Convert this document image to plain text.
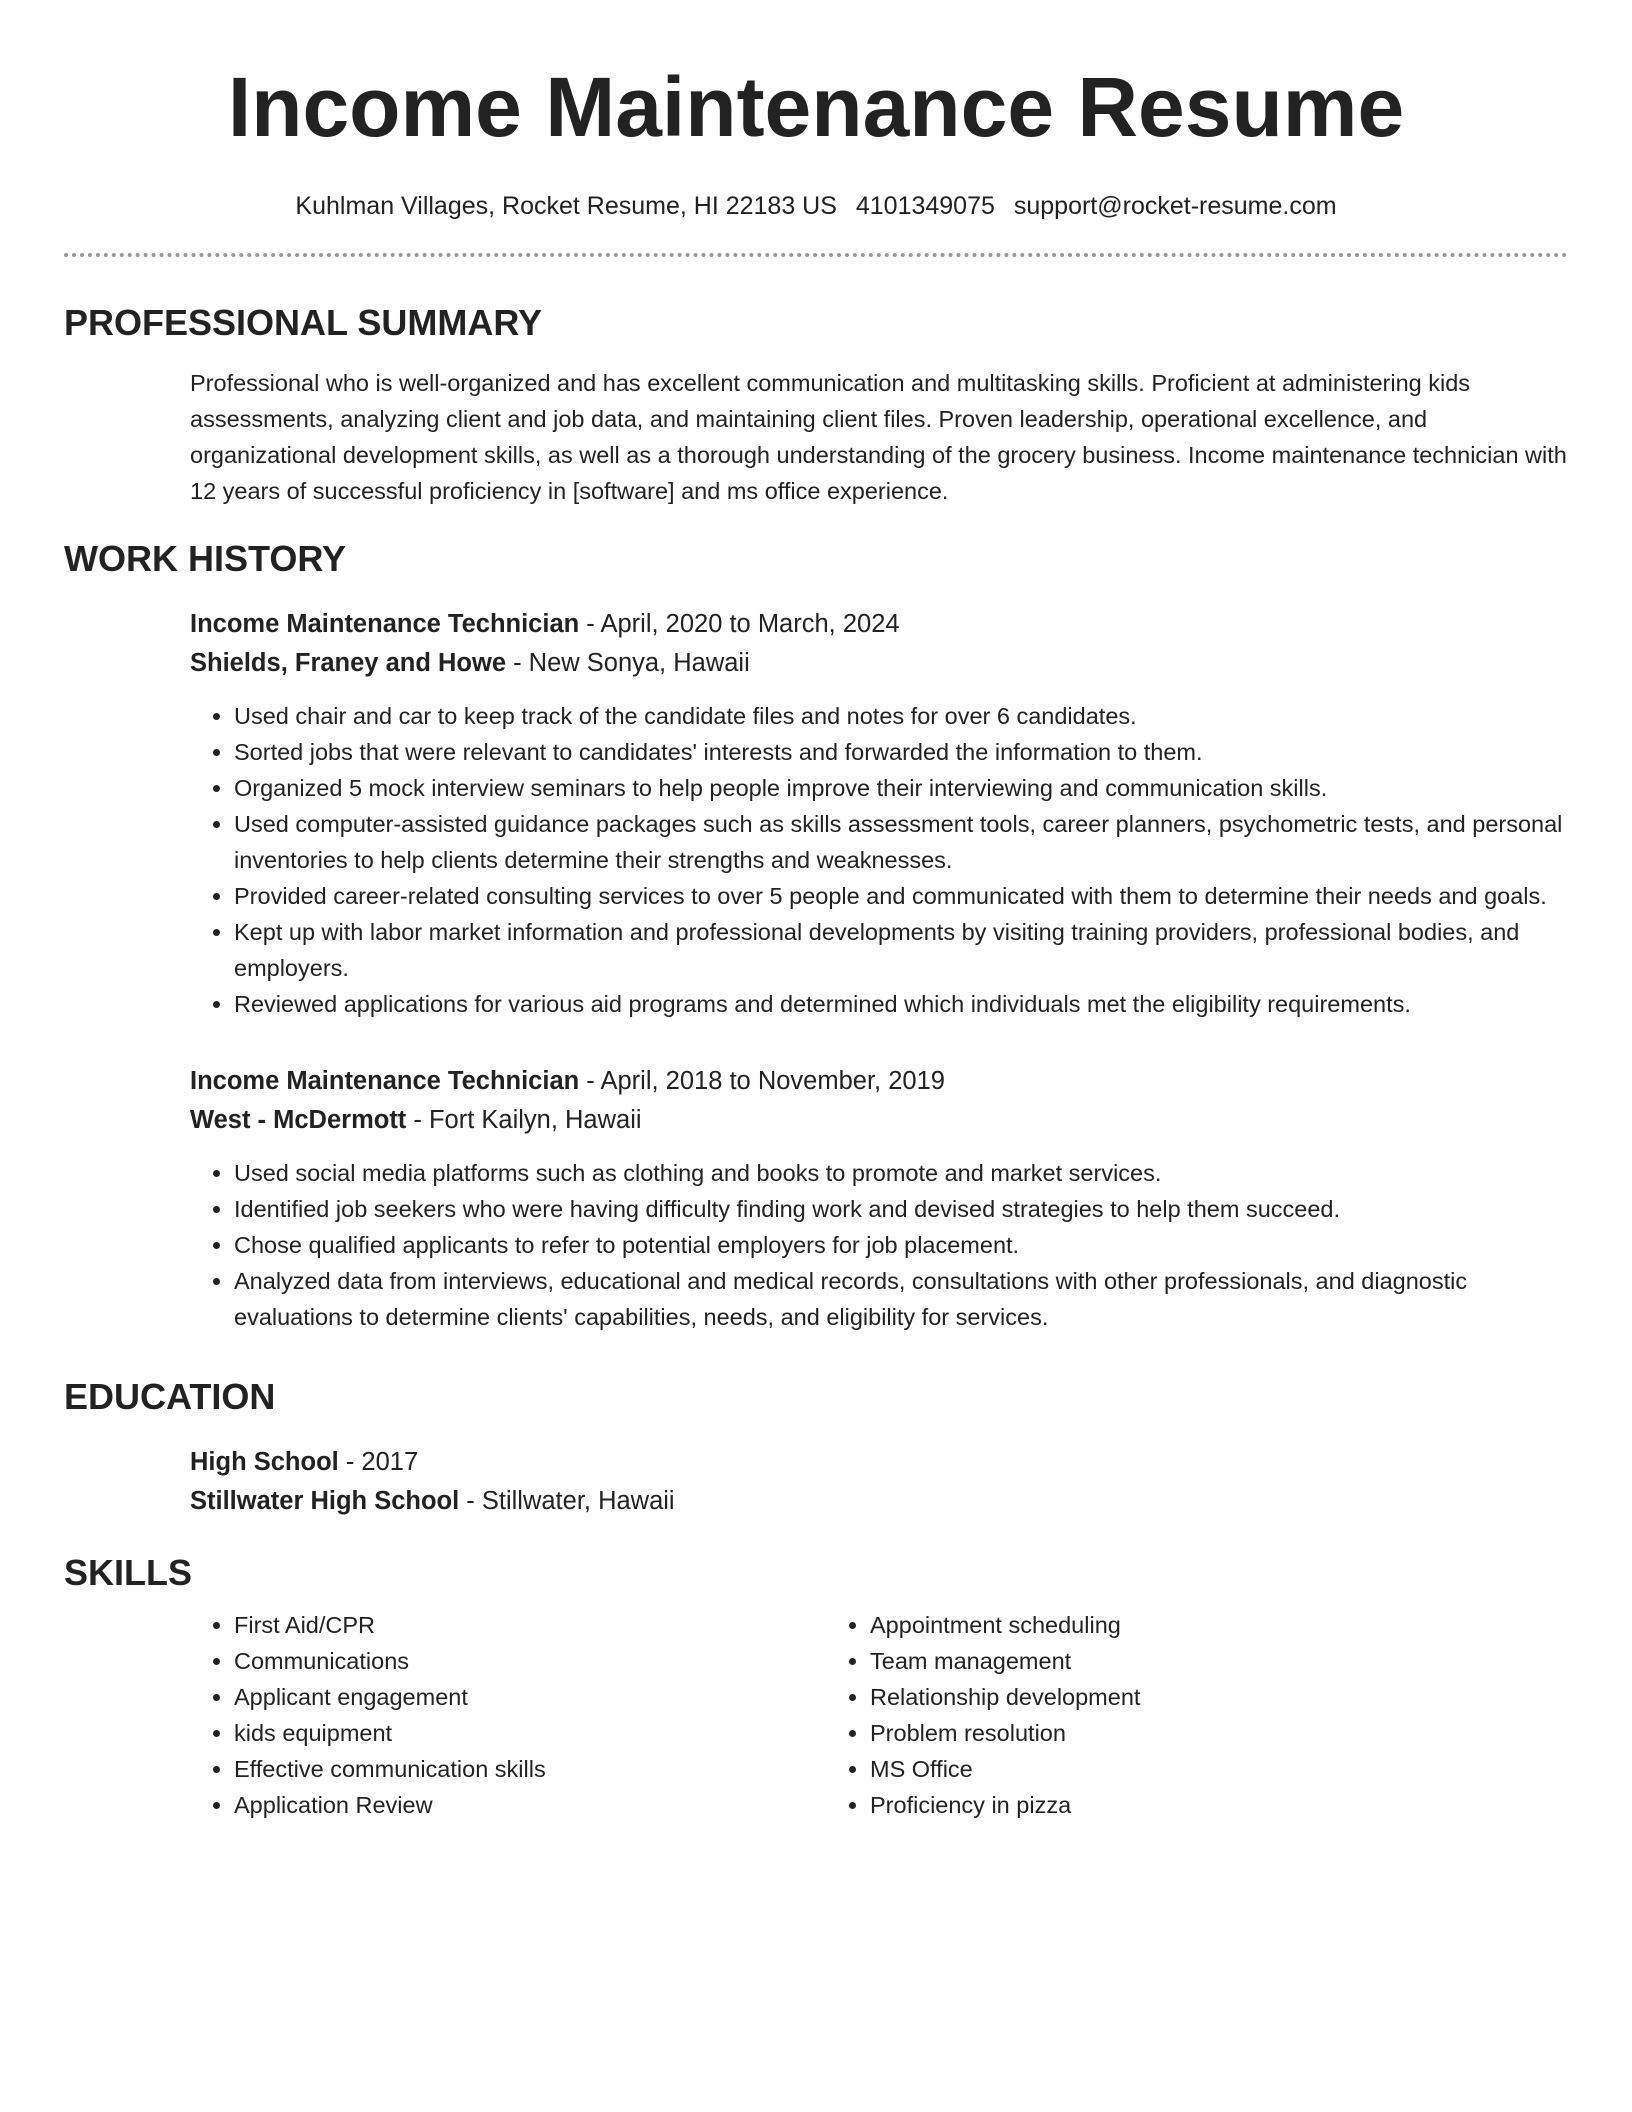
Income Maintenance Resume
Kuhlman Villages, Rocket Resume, HI 22183 US 4101349075 support@rocket-resume.com
PROFESSIONAL SUMMARY
Professional who is well-organized and has excellent communication and multitasking skills. Proficient at administering kids assessments, analyzing client and job data, and maintaining client files. Proven leadership, operational excellence, and organizational development skills, as well as a thorough understanding of the grocery business. Income maintenance technician with 12 years of successful proficiency in [software] and ms office experience.
WORK HISTORY
Income Maintenance Technician - April, 2020 to March, 2024
Shields, Franey and Howe - New Sonya, Hawaii
• Used chair and car to keep track of the candidate files and notes for over 6 candidates.
• Sorted jobs that were relevant to candidates' interests and forwarded the information to them.
• Organized 5 mock interview seminars to help people improve their interviewing and communication skills.
• Used computer-assisted guidance packages such as skills assessment tools, career planners, psychometric tests, and personal inventories to help clients determine their strengths and weaknesses.
• Provided career-related consulting services to over 5 people and communicated with them to determine their needs and goals.
• Kept up with labor market information and professional developments by visiting training providers, professional bodies, and employers.
• Reviewed applications for various aid programs and determined which individuals met the eligibility requirements.
Income Maintenance Technician - April, 2018 to November, 2019
West - McDermott - Fort Kailyn, Hawaii
• Used social media platforms such as clothing and books to promote and market services.
• Identified job seekers who were having difficulty finding work and devised strategies to help them succeed.
• Chose qualified applicants to refer to potential employers for job placement.
• Analyzed data from interviews, educational and medical records, consultations with other professionals, and diagnostic evaluations to determine clients' capabilities, needs, and eligibility for services.
EDUCATION
High School - 2017
Stillwater High School - Stillwater, Hawaii
SKILLS
• First Aid/CPR
• Communications
• Applicant engagement
• kids equipment
• Effective communication skills
• Application Review
• Appointment scheduling
• Team management
• Relationship development
• Problem resolution
• MS Office
• Proficiency in pizza
